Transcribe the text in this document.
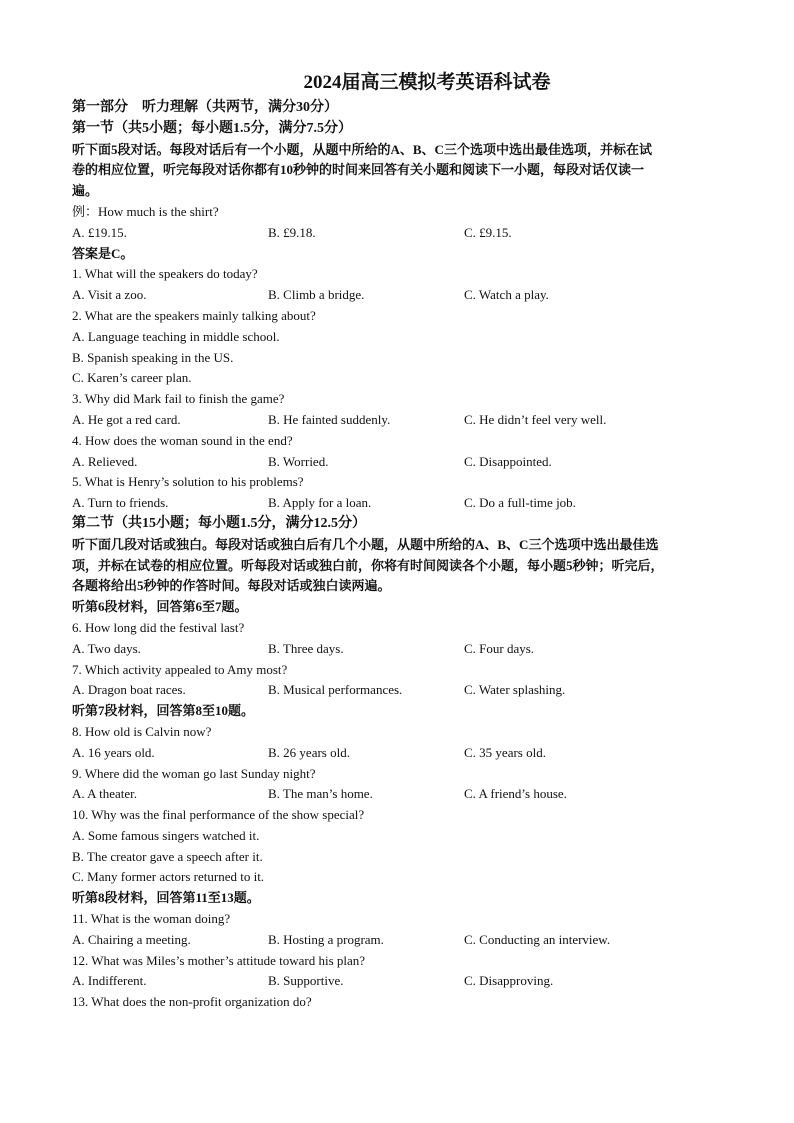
2024届高三模拟考英语科试卷
第一部分　听力理解（共两节，满分30分）
第一节（共5小题；每小题1.5分，满分7.5分）
听下面5段对话。每段对话后有一个小题，从题中所给的A、B、C三个选项中选出最佳选项，并标在试
卷的相应位置，听完每段对话你都有10秒钟的时间来回答有关小题和阅读下一小题，每段对话仅读一
遍。
例：How much is the shirt?
A. £19.15.	B. £9.18.	C. £9.15.
答案是C。
1. What will the speakers do today?
A. Visit a zoo.	B. Climb a bridge.	C. Watch a play.
2. What are the speakers mainly talking about?
A. Language teaching in middle school.
B. Spanish speaking in the US.
C. Karen’s career plan.
3. Why did Mark fail to finish the game?
A. He got a red card.	B. He fainted suddenly.	C. He didn’t feel very well.
4. How does the woman sound in the end?
A. Relieved.	B. Worried.	C. Disappointed.
5. What is Henry’s solution to his problems?
A. Turn to friends.	B. Apply for a loan.	C. Do a full-time job.
第二节（共15小题；每小题1.5分，满分12.5分）
听下面几段对话或独白。每段对话或独白后有几个小题，从题中所给的A、B、C三个选项中选出最佳选
项，并标在试卷的相应位置。听每段对话或独白前，你将有时间阅读各个小题，每小题5秒钟；听完后，
各题将给出5秒钟的作答时间。每段对话或独白读两遍。
听第6段材料，回答第6至7题。
6. How long did the festival last?
A. Two days.	B. Three days.	C. Four days.
7. Which activity appealed to Amy most?
A. Dragon boat races.	B. Musical performances.	C. Water splashing.
听第7段材料，回答第8至10题。
8. How old is Calvin now?
A. 16 years old.	B. 26 years old.	C. 35 years old.
9. Where did the woman go last Sunday night?
A. A theater.	B. The man’s home.	C. A friend’s house.
10. Why was the final performance of the show special?
A. Some famous singers watched it.
B. The creator gave a speech after it.
C. Many former actors returned to it.
听第8段材料，回答第11至13题。
11. What is the woman doing?
A. Chairing a meeting.	B. Hosting a program.	C. Conducting an interview.
12. What was Miles’s mother’s attitude toward his plan?
A. Indifferent.	B. Supportive.	C. Disapproving.
13. What does the non-profit organization do?
